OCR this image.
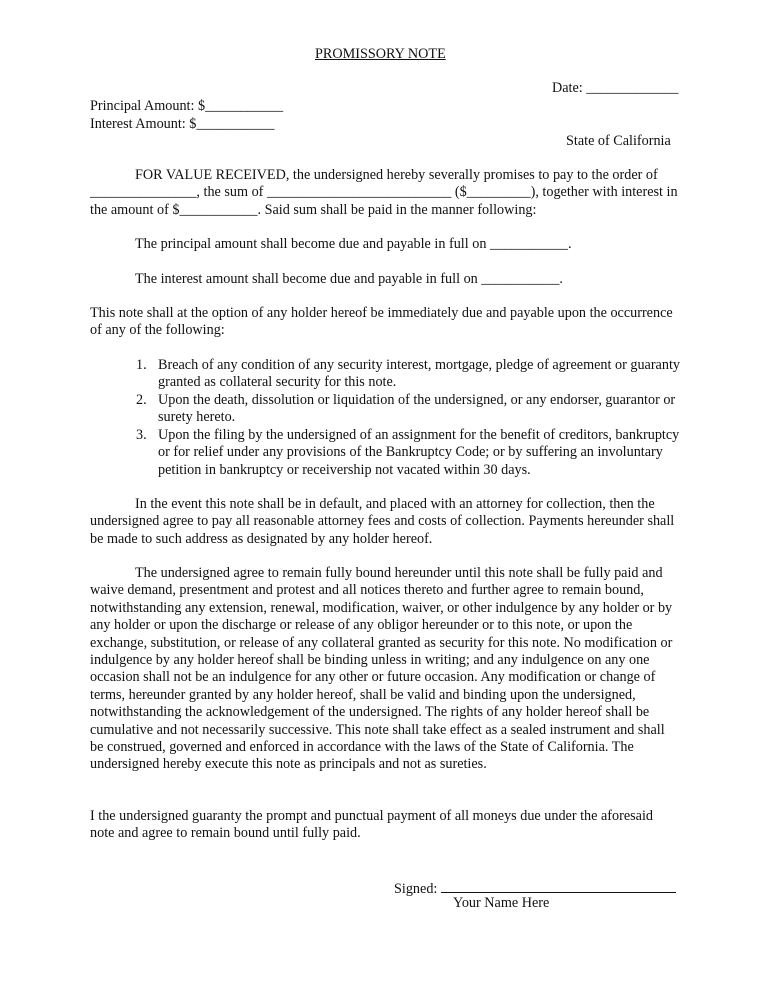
PROMISSORY NOTE
Date: _____________
Principal Amount: $___________
Interest Amount: $___________
State of California
FOR VALUE RECEIVED, the undersigned hereby severally promises to pay to the order of _______________, the sum of __________________________ ($_________), together with interest in the amount of $___________. Said sum shall be paid in the manner following:
The principal amount shall become due and payable in full on ___________.
The interest amount shall become due and payable in full on ___________.
This note shall at the option of any holder hereof be immediately due and payable upon the occurrence of any of the following:
1. Breach of any condition of any security interest, mortgage, pledge of agreement or guaranty granted as collateral security for this note.
2. Upon the death, dissolution or liquidation of the undersigned, or any endorser, guarantor or surety hereto.
3. Upon the filing by the undersigned of an assignment for the benefit of creditors, bankruptcy or for relief under any provisions of the Bankruptcy Code; or by suffering an involuntary petition in bankruptcy or receivership not vacated within 30 days.
In the event this note shall be in default, and placed with an attorney for collection, then the undersigned agree to pay all reasonable attorney fees and costs of collection. Payments hereunder shall be made to such address as designated by any holder hereof.
The undersigned agree to remain fully bound hereunder until this note shall be fully paid and waive demand, presentment and protest and all notices thereto and further agree to remain bound, notwithstanding any extension, renewal, modification, waiver, or other indulgence by any holder or by any holder or upon the discharge or release of any obligor hereunder or to this note, or upon the exchange, substitution, or release of any collateral granted as security for this note. No modification or indulgence by any holder hereof shall be binding unless in writing; and any indulgence on any one occasion shall not be an indulgence for any other or future occasion. Any modification or change of terms, hereunder granted by any holder hereof, shall be valid and binding upon the undersigned, notwithstanding the acknowledgement of the undersigned. The rights of any holder hereof shall be cumulative and not necessarily successive. This note shall take effect as a sealed instrument and shall be construed, governed and enforced in accordance with the laws of the State of California. The undersigned hereby execute this note as principals and not as sureties.
I the undersigned guaranty the prompt and punctual payment of all moneys due under the aforesaid note and agree to remain bound until fully paid.
Signed:
Your Name Here
